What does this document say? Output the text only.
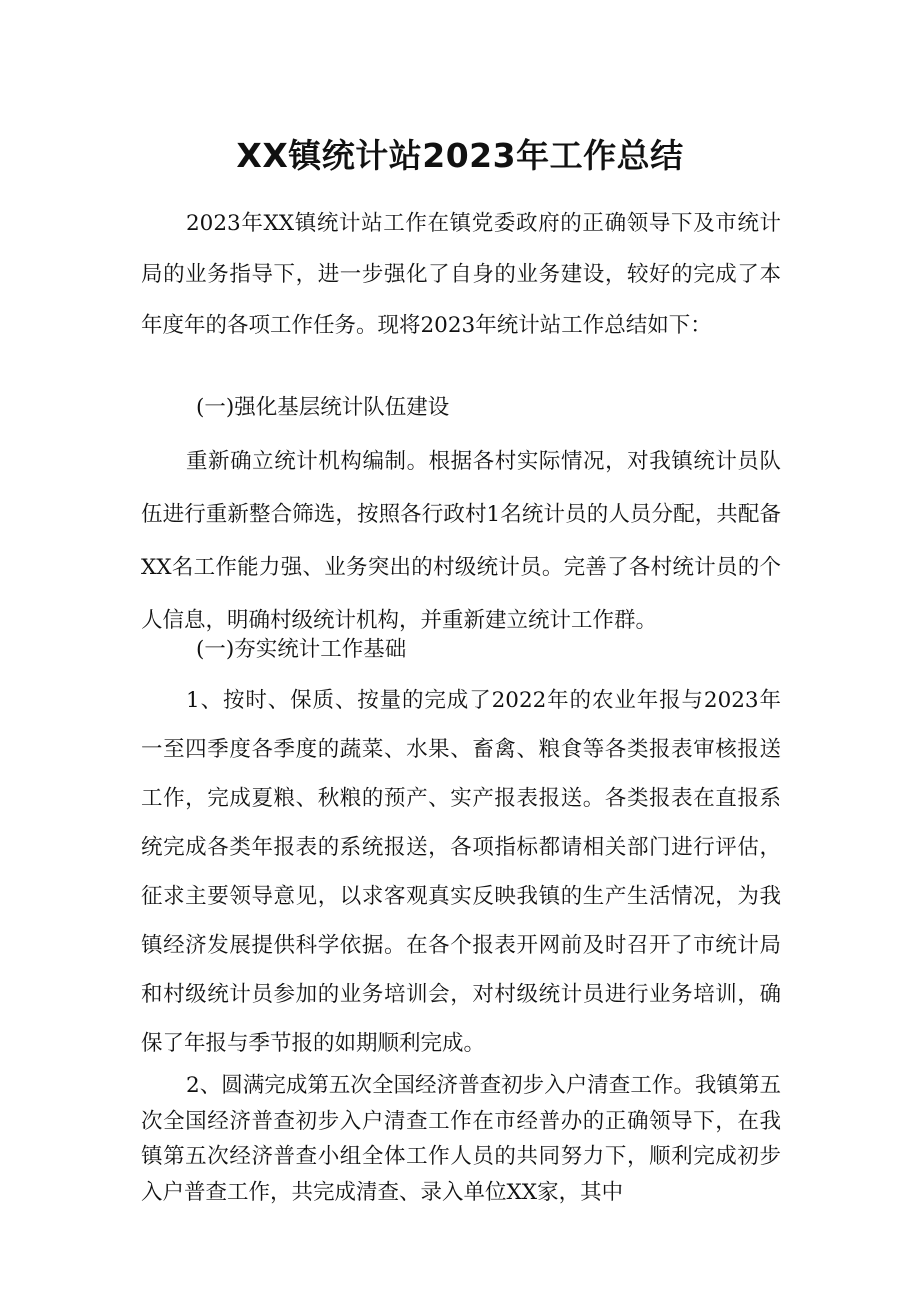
XX镇统计站2023年工作总结

2023年XX镇统计站工作在镇党委政府的正确领导下及市统计局的业务指导下，进一步强化了自身的业务建设，较好的完成了本年度年的各项工作任务。现将2023年统计站工作总结如下：

(一)强化基层统计队伍建设

重新确立统计机构编制。根据各村实际情况，对我镇统计员队伍进行重新整合筛选，按照各行政村1名统计员的人员分配，共配备XX名工作能力强、业务突出的村级统计员。完善了各村统计员的个人信息，明确村级统计机构，并重新建立统计工作群。

(一)夯实统计工作基础

1、按时、保质、按量的完成了2022年的农业年报与2023年一至四季度各季度的蔬菜、水果、畜禽、粮食等各类报表审核报送工作，完成夏粮、秋粮的预产、实产报表报送。各类报表在直报系统完成各类年报表的系统报送，各项指标都请相关部门进行评估，征求主要领导意见，以求客观真实反映我镇的生产生活情况，为我镇经济发展提供科学依据。在各个报表开网前及时召开了市统计局和村级统计员参加的业务培训会，对村级统计员进行业务培训，确保了年报与季节报的如期顺利完成。

2、圆满完成第五次全国经济普查初步入户清查工作。我镇第五次全国经济普查初步入户清查工作在市经普办的正确领导下，在我镇第五次经济普查小组全体工作人员的共同努力下，顺利完成初步入户普查工作，共完成清查、录入单位XX家，其中
